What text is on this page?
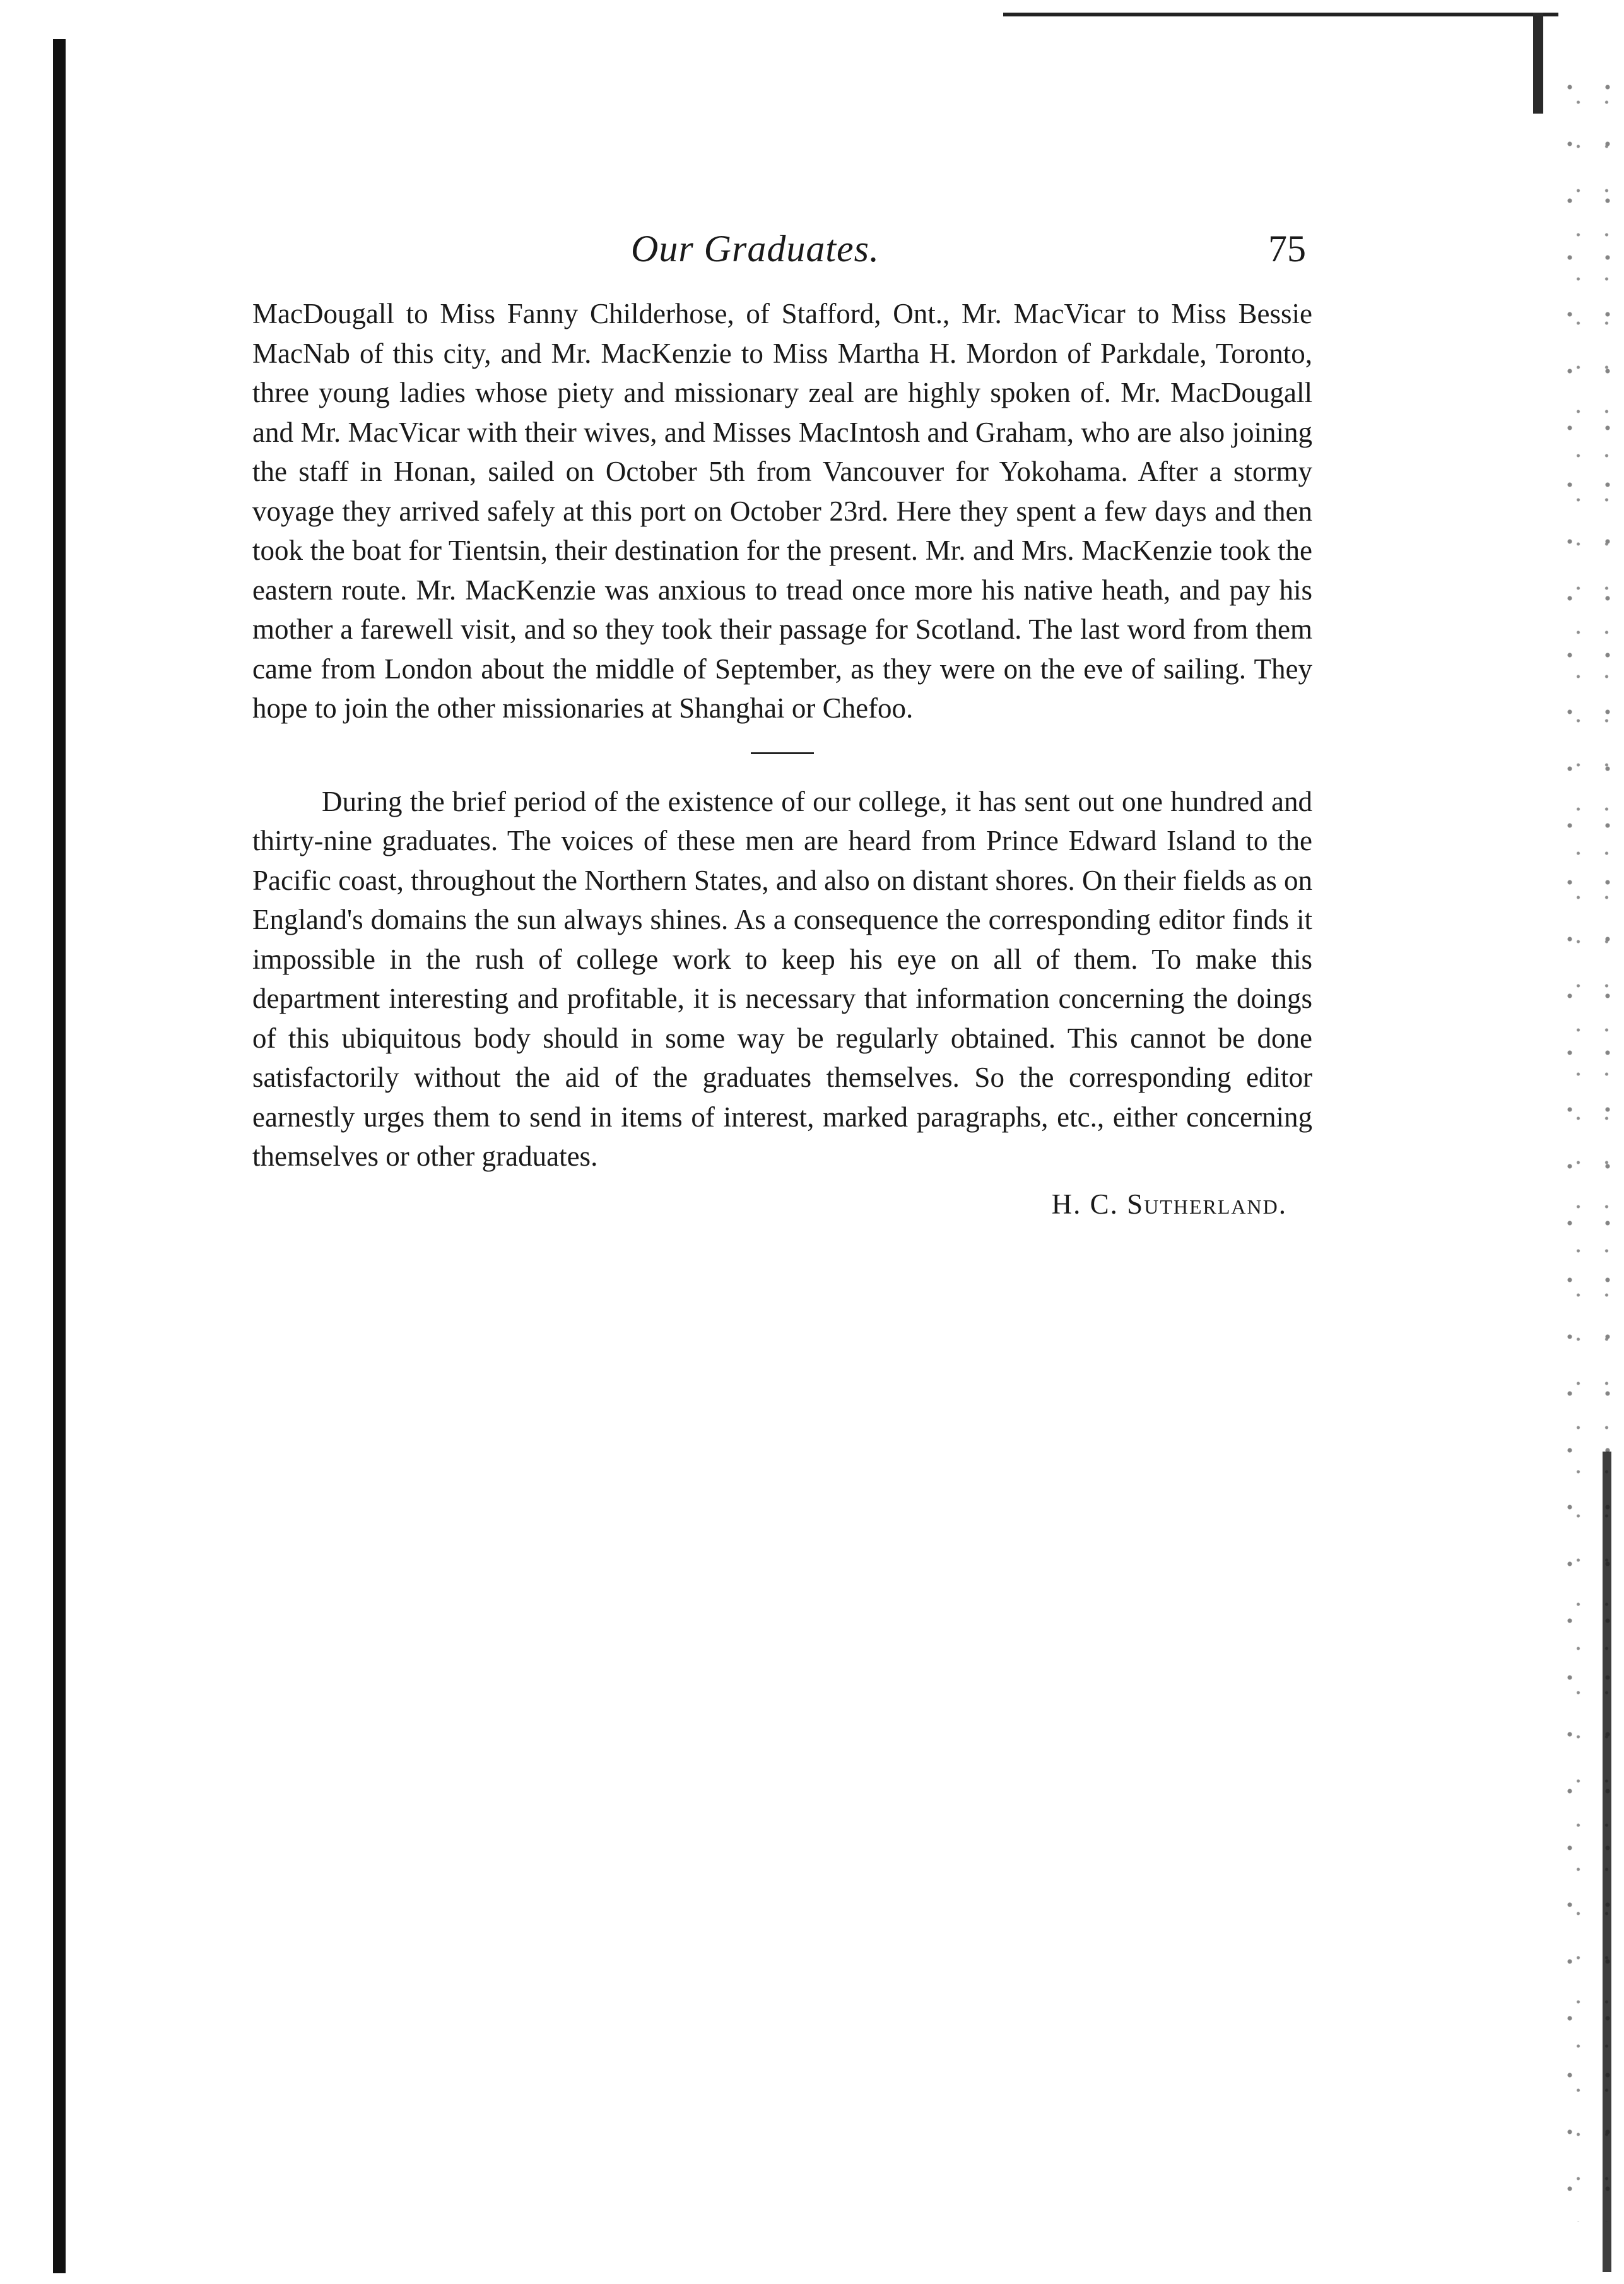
Our Graduates.	75

MacDougall to Miss Fanny Childerhose, of Stafford, Ont., Mr. MacVicar to Miss Bessie MacNab of this city, and Mr. MacKenzie to Miss Martha H. Mordon of Parkdale, Toronto, three young ladies whose piety and missionary zeal are highly spoken of. Mr. MacDougall and Mr. MacVicar with their wives, and Misses MacIntosh and Graham, who are also joining the staff in Honan, sailed on October 5th from Vancouver for Yokohama. After a stormy voyage they arrived safely at this port on October 23rd. Here they spent a few days and then took the boat for Tientsin, their destination for the present. Mr. and Mrs. MacKenzie took the eastern route. Mr. MacKenzie was anxious to tread once more his native heath, and pay his mother a farewell visit, and so they took their passage for Scotland. The last word from them came from London about the middle of September, as they were on the eve of sailing. They hope to join the other missionaries at Shanghai or Chefoo.

During the brief period of the existence of our college, it has sent out one hundred and thirty-nine graduates. The voices of these men are heard from Prince Edward Island to the Pacific coast, throughout the Northern States, and also on distant shores. On their fields as on England's domains the sun always shines. As a consequence the corresponding editor finds it impossible in the rush of college work to keep his eye on all of them. To make this department interesting and profitable, it is necessary that information concerning the doings of this ubiquitous body should in some way be regularly obtained. This cannot be done satisfactorily without the aid of the graduates themselves. So the corresponding editor earnestly urges them to send in items of interest, marked paragraphs, etc., either concerning themselves or other graduates.

H. C. Sutherland.
